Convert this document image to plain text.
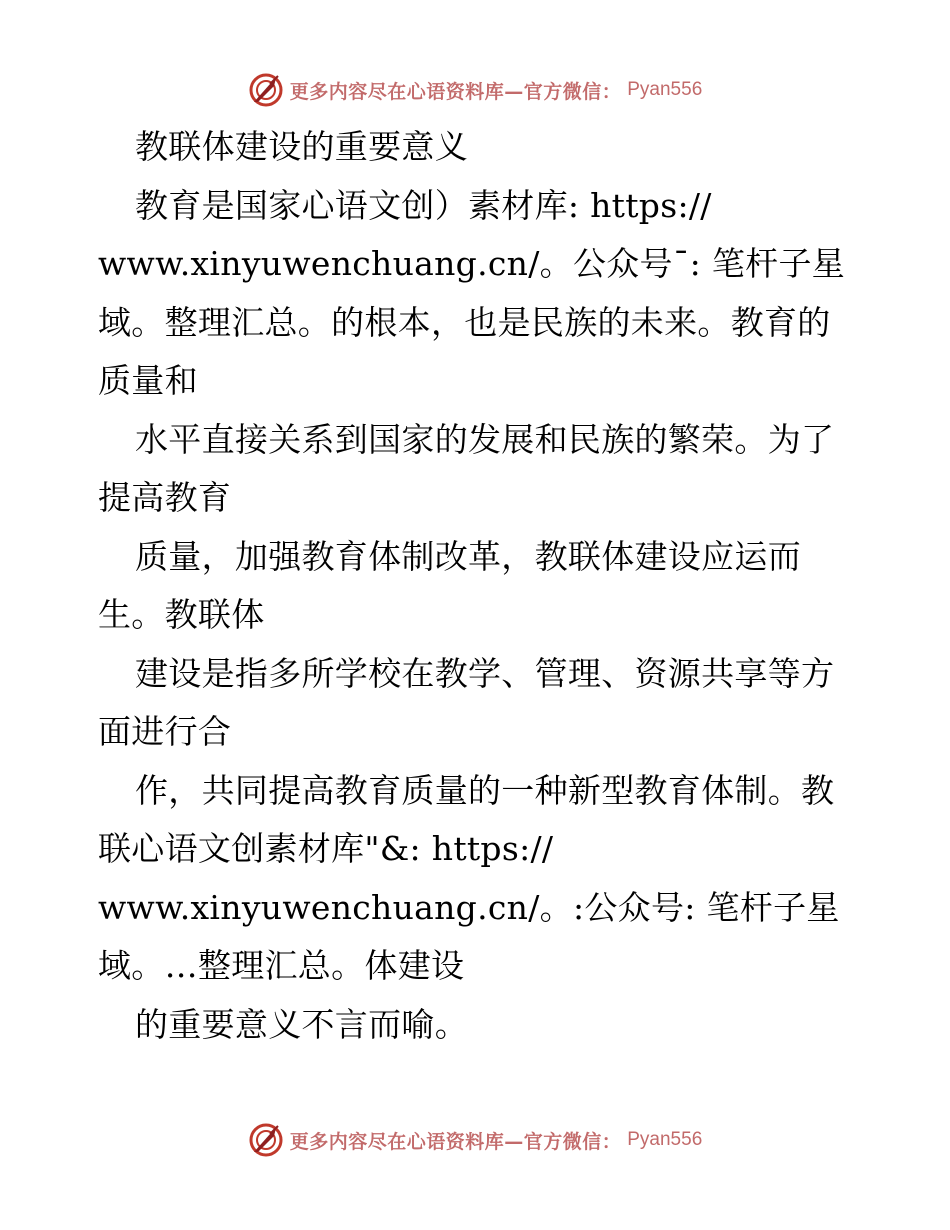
更多内容尽在心语资料库—官方微信： Pyan556
教联体建设的重要意义
教育是国家心语文创）素材库: https://
www.xinyuwenchuang.cn/。公众号¯: 笔杆子星
域。整理汇总。的根本，也是民族的未来。教育的
质量和
水平直接关系到国家的发展和民族的繁荣。为了
提高教育
质量，加强教育体制改革，教联体建设应运而
生。教联体
建设是指多所学校在教学、管理、资源共享等方
面进行合
作，共同提高教育质量的一种新型教育体制。教
联心语文创素材库"&: https://
www.xinyuwenchuang.cn/。:公众号: 笔杆子星
域。…整理汇总。体建设
的重要意义不言而喻。
更多内容尽在心语资料库—官方微信： Pyan556
